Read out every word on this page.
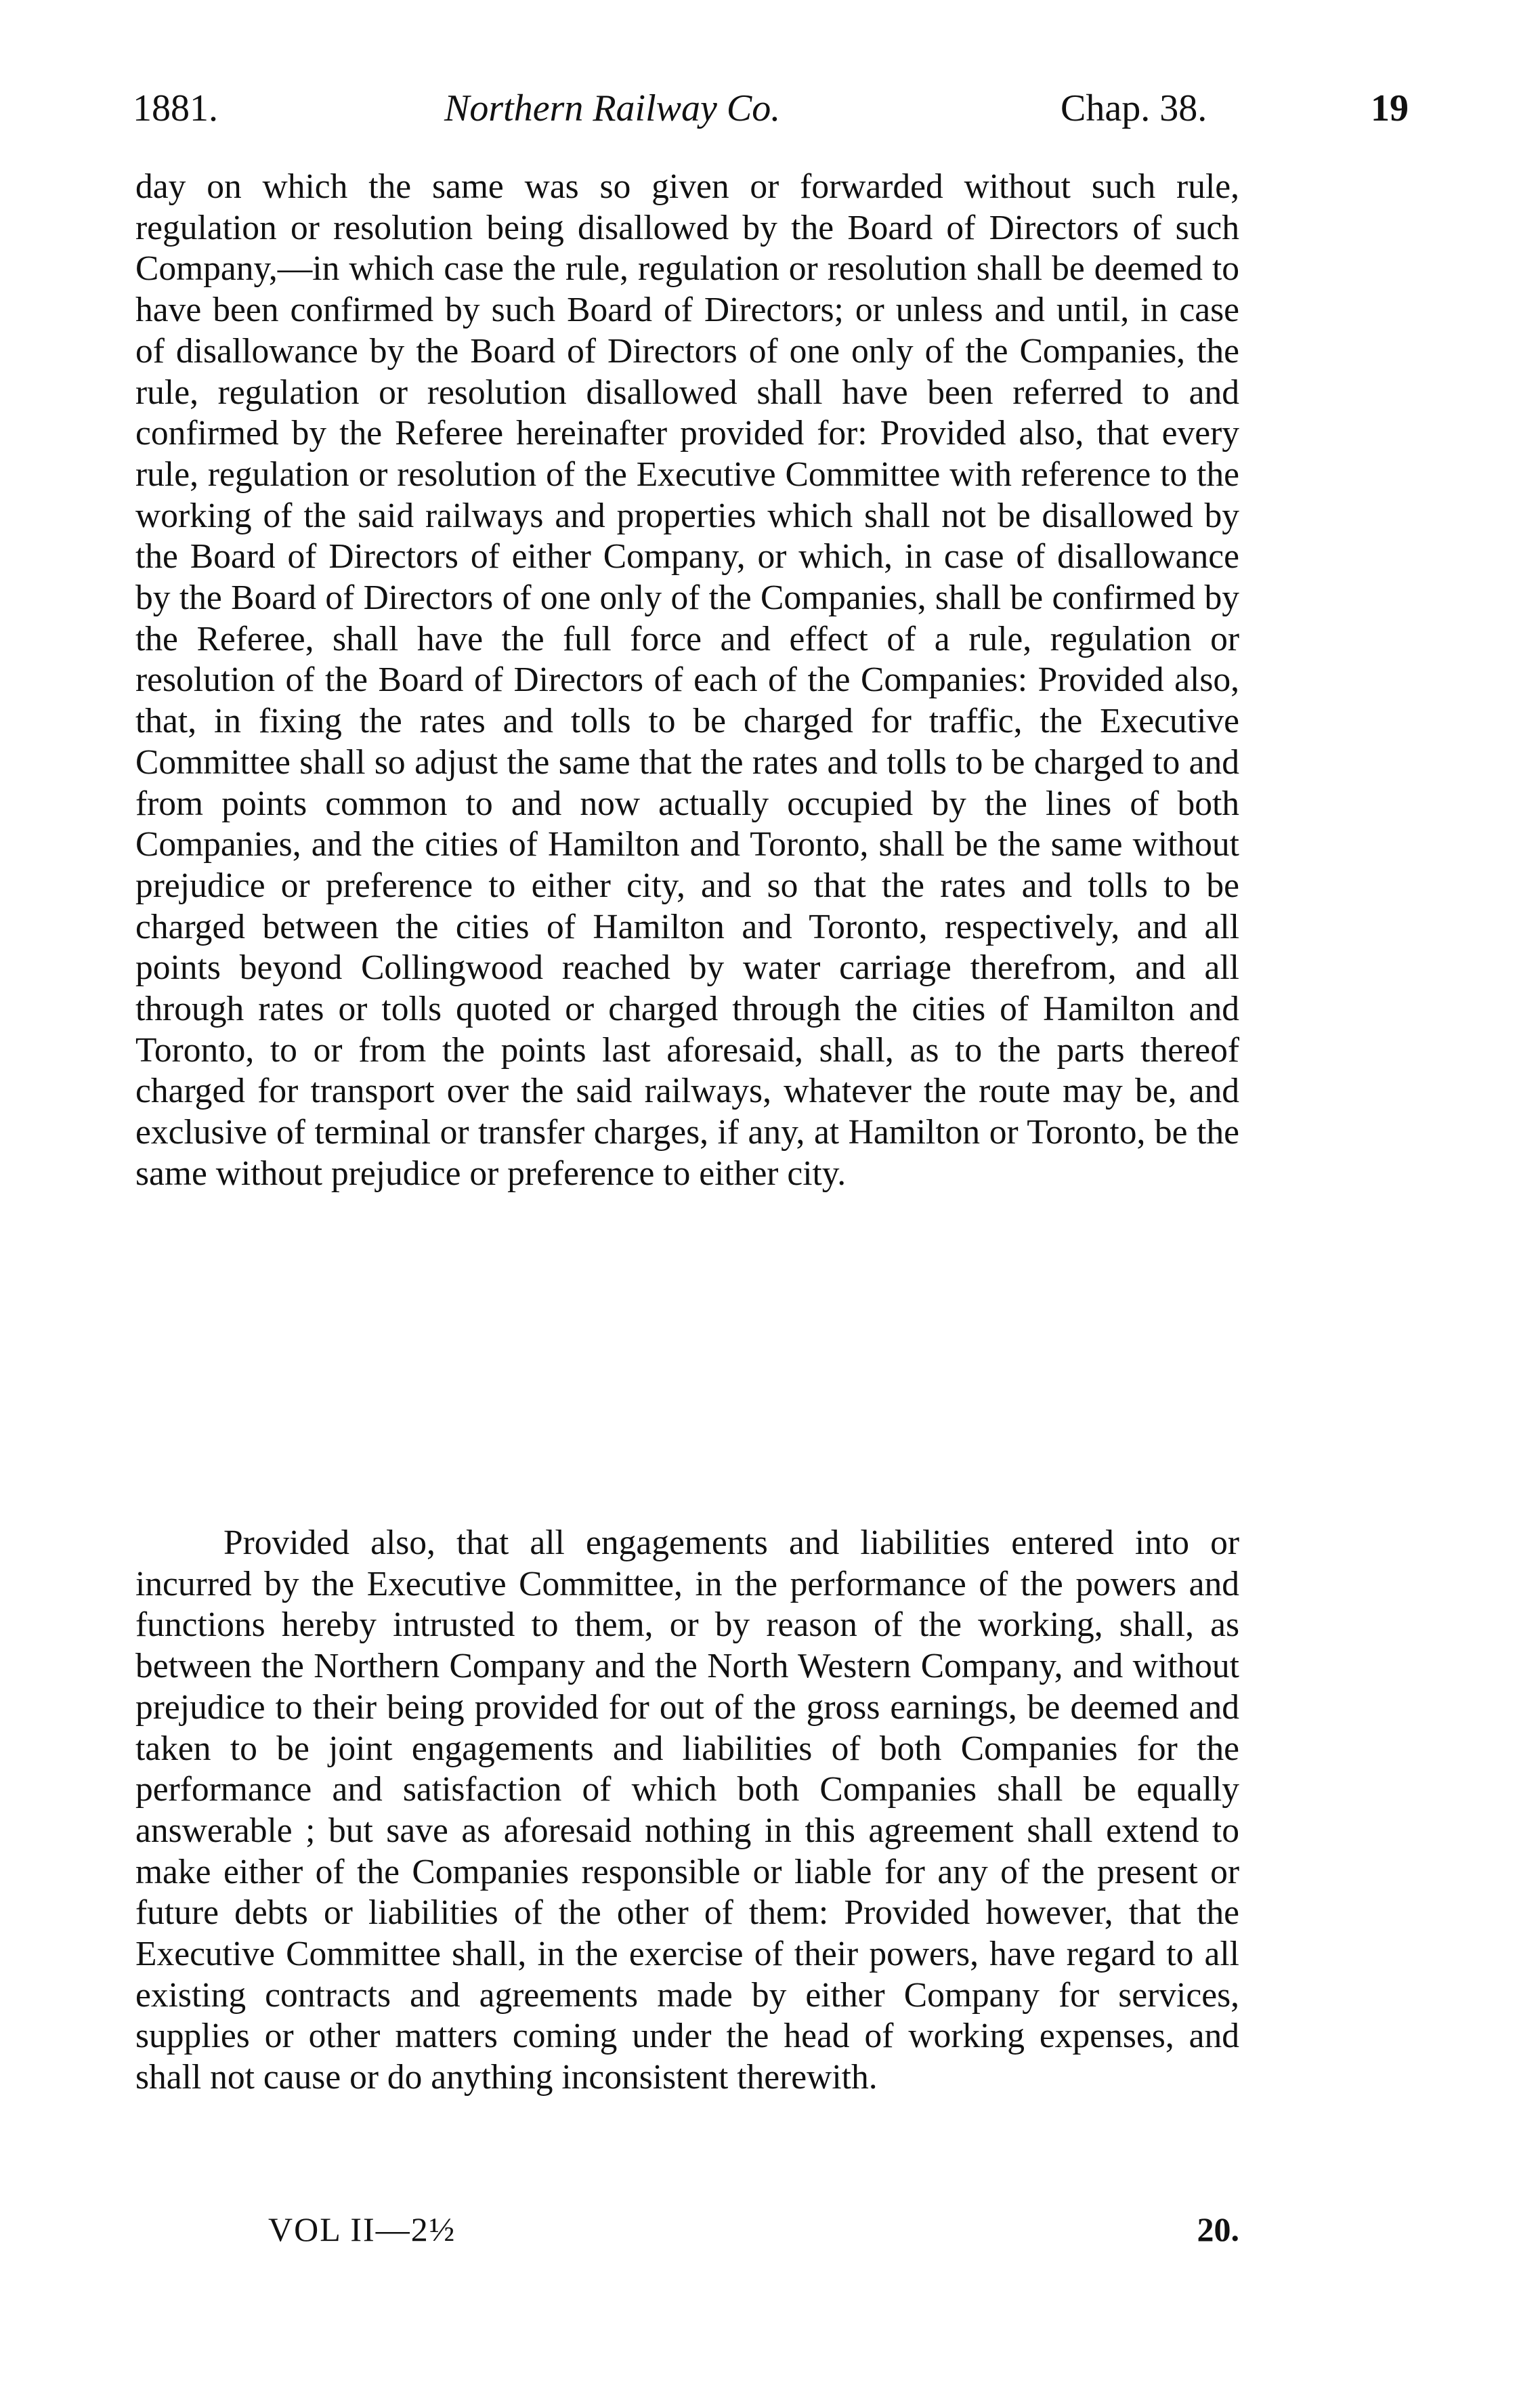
1881.	Northern Railway Co.	Chap. 38.	19

day on which the same was so given or forwarded without such rule, regulation or resolution being disallowed by the Board of Directors of such Company,—in which case the rule, regulation or resolution shall be deemed to have been confirmed by such Board of Directors; or unless and until, in case of disallowance by the Board of Directors of one only of the Companies, the rule, regulation or resolution disallowed shall have been referred to and confirmed by the Referee hereinafter provided for: Provided also, that every rule, regulation or resolution of the Executive Committee with reference to the working of the said railways and properties which shall not be disallowed by the Board of Directors of either Company, or which, in case of disallowance by the Board of Directors of one only of the Companies, shall be confirmed by the Referee, shall have the full force and effect of a rule, regulation or resolution of the Board of Directors of each of the Companies: Provided also, that, in fixing the rates and tolls to be charged for traffic, the Executive Committee shall so adjust the same that the rates and tolls to be charged to and from points common to and now actually occupied by the lines of both Companies, and the cities of Hamilton and Toronto, shall be the same without prejudice or preference to either city, and so that the rates and tolls to be charged between the cities of Hamilton and Toronto, respectively, and all points beyond Collingwood reached by water carriage therefrom, and all through rates or tolls quoted or charged through the cities of Hamilton and Toronto, to or from the points last aforesaid, shall, as to the parts thereof charged for transport over the said railways, whatever the route may be, and exclusive of terminal or transfer charges, if any, at Hamilton or Toronto, be the same without prejudice or preference to either city.

Provided also, that all engagements and liabilities entered into or incurred by the Executive Committee, in the performance of the powers and functions hereby intrusted to them, or by reason of the working, shall, as between the Northern Company and the North Western Company, and without prejudice to their being provided for out of the gross earnings, be deemed and taken to be joint engagements and liabilities of both Companies for the performance and satisfaction of which both Companies shall be equally answerable ; but save as aforesaid nothing in this agreement shall extend to make either of the Companies responsible or liable for any of the present or future debts or liabilities of the other of them: Provided however, that the Executive Committee shall, in the exercise of their powers, have regard to all existing contracts and agreements made by either Company for services, supplies or other matters coming under the head of working expenses, and shall not cause or do anything inconsistent therewith.

VOL II—2½	20.
